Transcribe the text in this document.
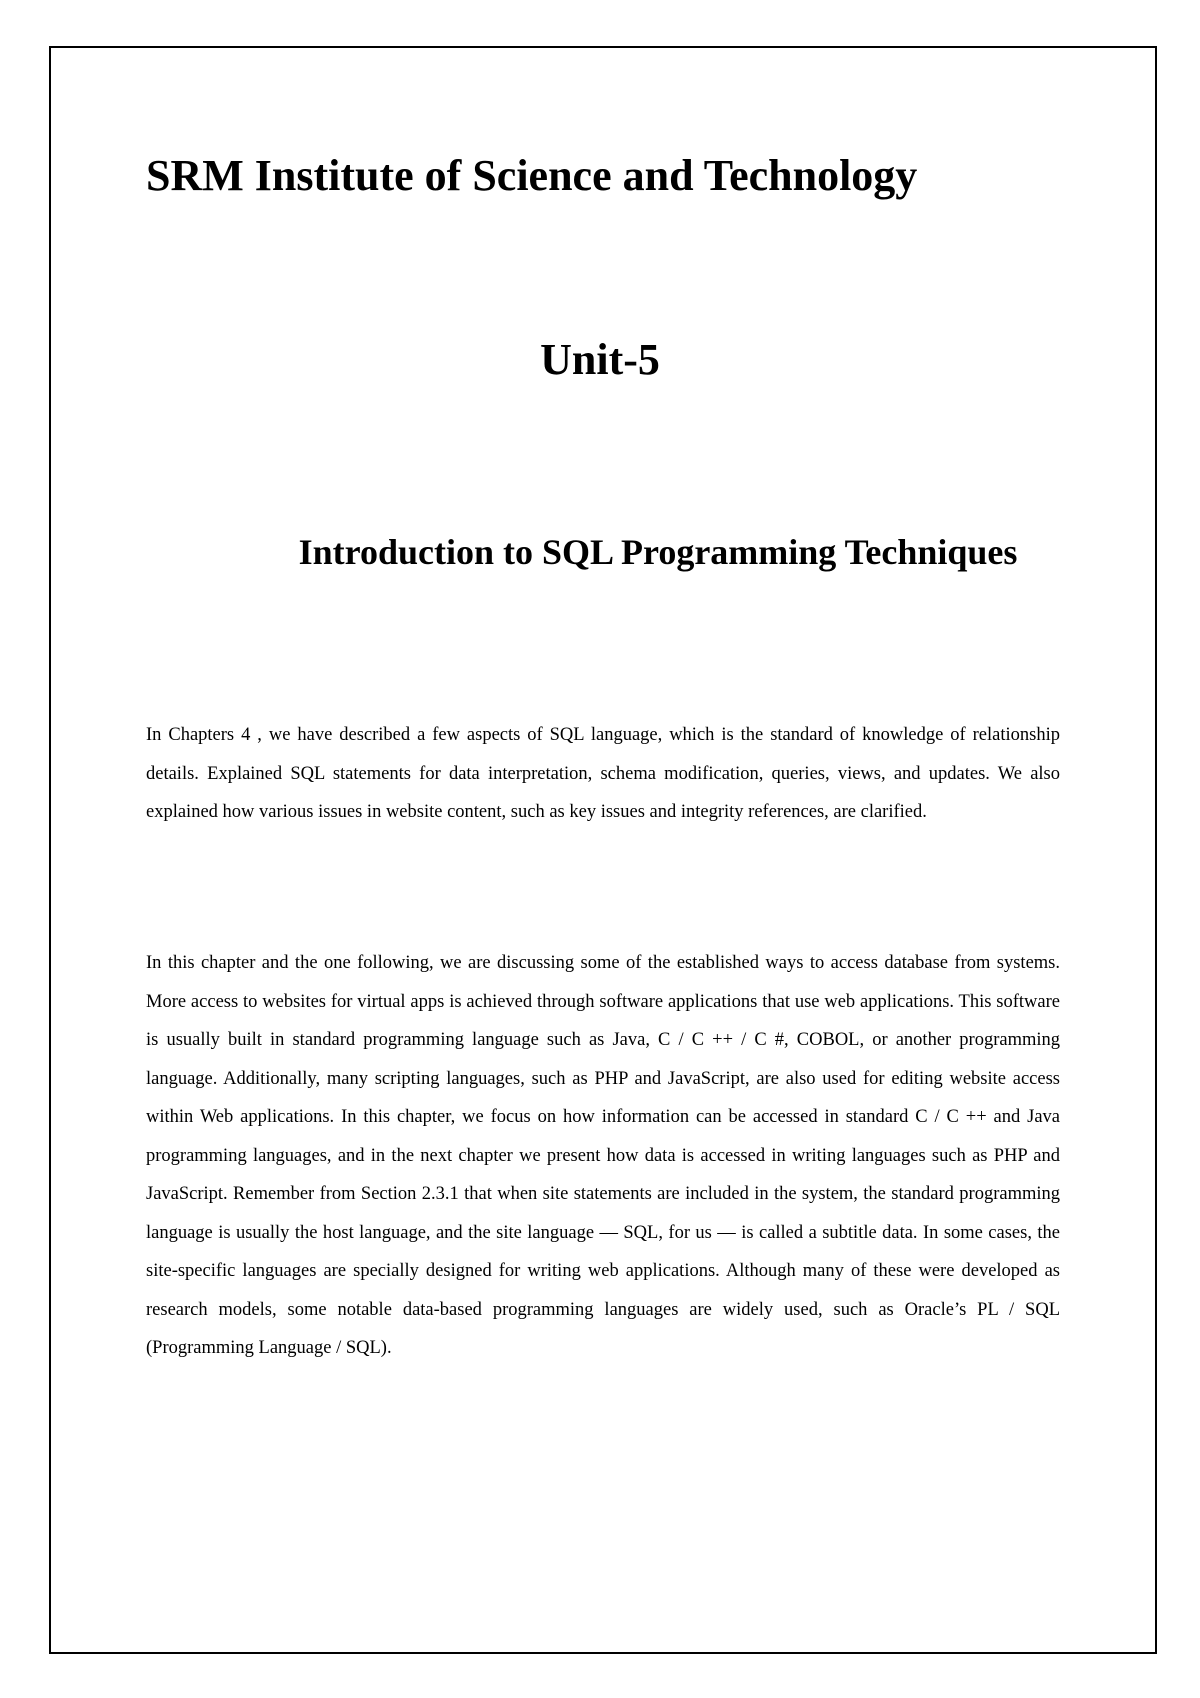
SRM Institute of Science and Technology
Unit-5
Introduction to SQL Programming Techniques

In Chapters 4 , we have described a few aspects of SQL language, which is the standard of knowledge of relationship details. Explained SQL statements for data interpretation, schema modification, queries, views, and updates. We also explained how various issues in website content, such as key issues and integrity references, are clarified.

In this chapter and the one following, we are discussing some of the established ways to access database from systems. More access to websites for virtual apps is achieved through software applications that use web applications. This software is usually built in standard programming language such as Java, C / C ++ / C #, COBOL, or another programming language. Additionally, many scripting languages, such as PHP and JavaScript, are also used for editing website access within Web applications. In this chapter, we focus on how information can be accessed in standard C / C ++ and Java programming languages, and in the next chapter we present how data is accessed in writing languages such as PHP and JavaScript. Remember from Section 2.3.1 that when site statements are included in the system, the standard programming language is usually the host language, and the site language — SQL, for us — is called a subtitle data. In some cases, the site-specific languages are specially designed for writing web applications. Although many of these were developed as research models, some notable data-based programming languages are widely used, such as Oracle’s PL / SQL (Programming Language / SQL).
